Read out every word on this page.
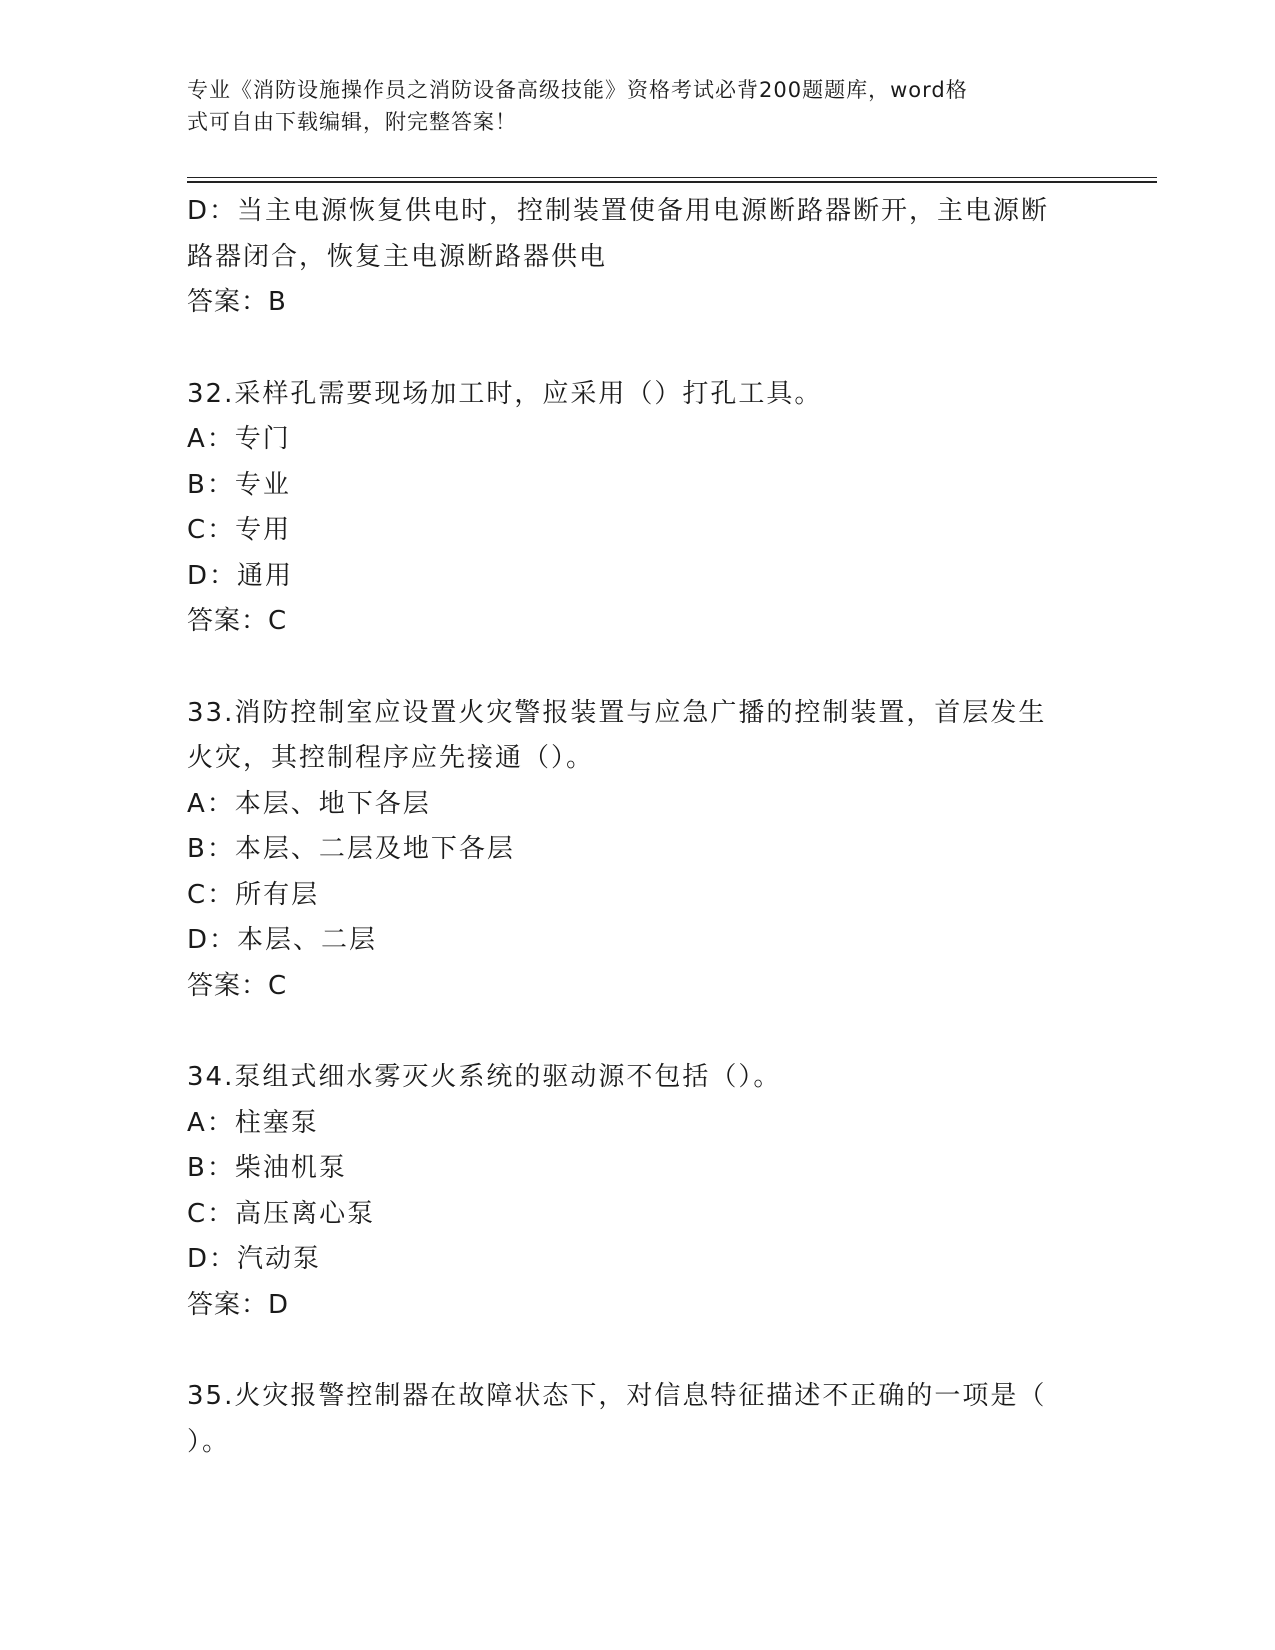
专业《消防设施操作员之消防设备高级技能》资格考试必背200题题库，word格
式可自由下载编辑，附完整答案！
D：当主电源恢复供电时，控制装置使备用电源断路器断开，主电源断
路器闭合，恢复主电源断路器供电
答案：B
32.采样孔需要现场加工时，应采用（）打孔工具。
A：专门
B：专业
C：专用
D：通用
答案：C
33.消防控制室应设置火灾警报装置与应急广播的控制装置，首层发生
火灾，其控制程序应先接通（）。
A：本层、地下各层
B：本层、二层及地下各层
C：所有层
D：本层、二层
答案：C
34.泵组式细水雾灭火系统的驱动源不包括（）。
A：柱塞泵
B：柴油机泵
C：高压离心泵
D：汽动泵
答案：D
35.火灾报警控制器在故障状态下，对信息特征描述不正确的一项是（
）。
